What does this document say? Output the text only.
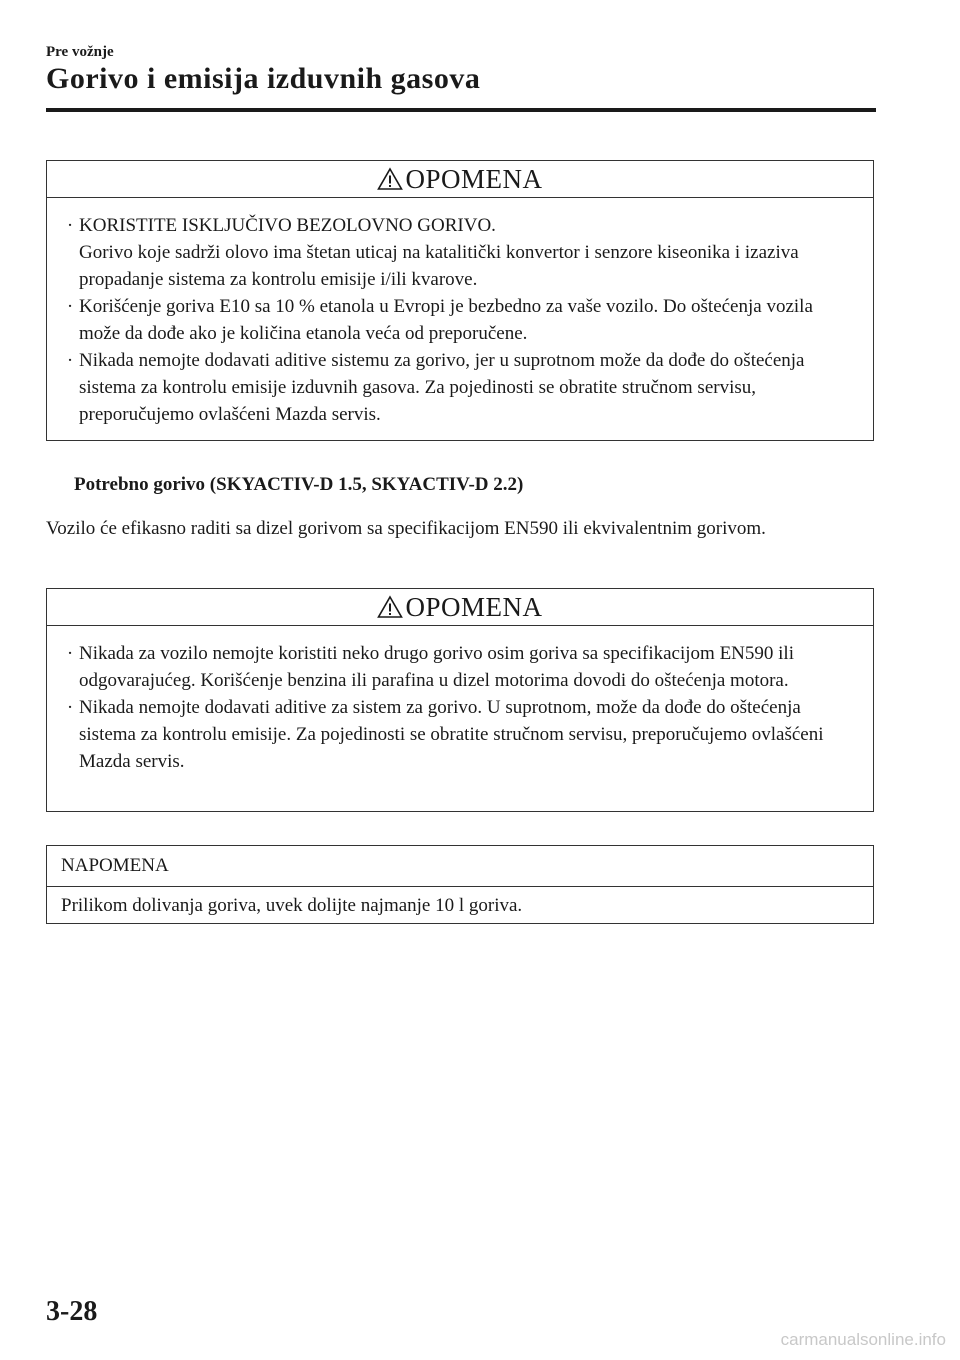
Pre vožnje
Gorivo i emisija izduvnih gasova
OPOMENA
· KORISTITE ISKLJUČIVO BEZOLOVNO GORIVO.
Gorivo koje sadrži olovo ima štetan uticaj na katalitički konvertor i senzore kiseonika i izaziva propadanje sistema za kontrolu emisije i/ili kvarove.
· Korišćenje goriva E10 sa 10 % etanola u Evropi je bezbedno za vaše vozilo. Do oštećenja vozila može da dođe ako je količina etanola veća od preporučene.
· Nikada nemojte dodavati aditive sistemu za gorivo, jer u suprotnom može da dođe do oštećenja sistema za kontrolu emisije izduvnih gasova. Za pojedinosti se obratite stručnom servisu, preporučujemo ovlašćeni Mazda servis.
Potrebno gorivo (SKYACTIV-D 1.5, SKYACTIV-D 2.2)
Vozilo će efikasno raditi sa dizel gorivom sa specifikacijom EN590 ili ekvivalentnim gorivom.
OPOMENA
· Nikada za vozilo nemojte koristiti neko drugo gorivo osim goriva sa specifikacijom EN590 ili odgovarajućeg. Korišćenje benzina ili parafina u dizel motorima dovodi do oštećenja motora.
· Nikada nemojte dodavati aditive za sistem za gorivo. U suprotnom, može da dođe do oštećenja sistema za kontrolu emisije. Za pojedinosti se obratite stručnom servisu, preporučujemo ovlašćeni Mazda servis.
NAPOMENA
Prilikom dolivanja goriva, uvek dolijte najmanje 10 l goriva.
3-28
carmanualsonline.info
